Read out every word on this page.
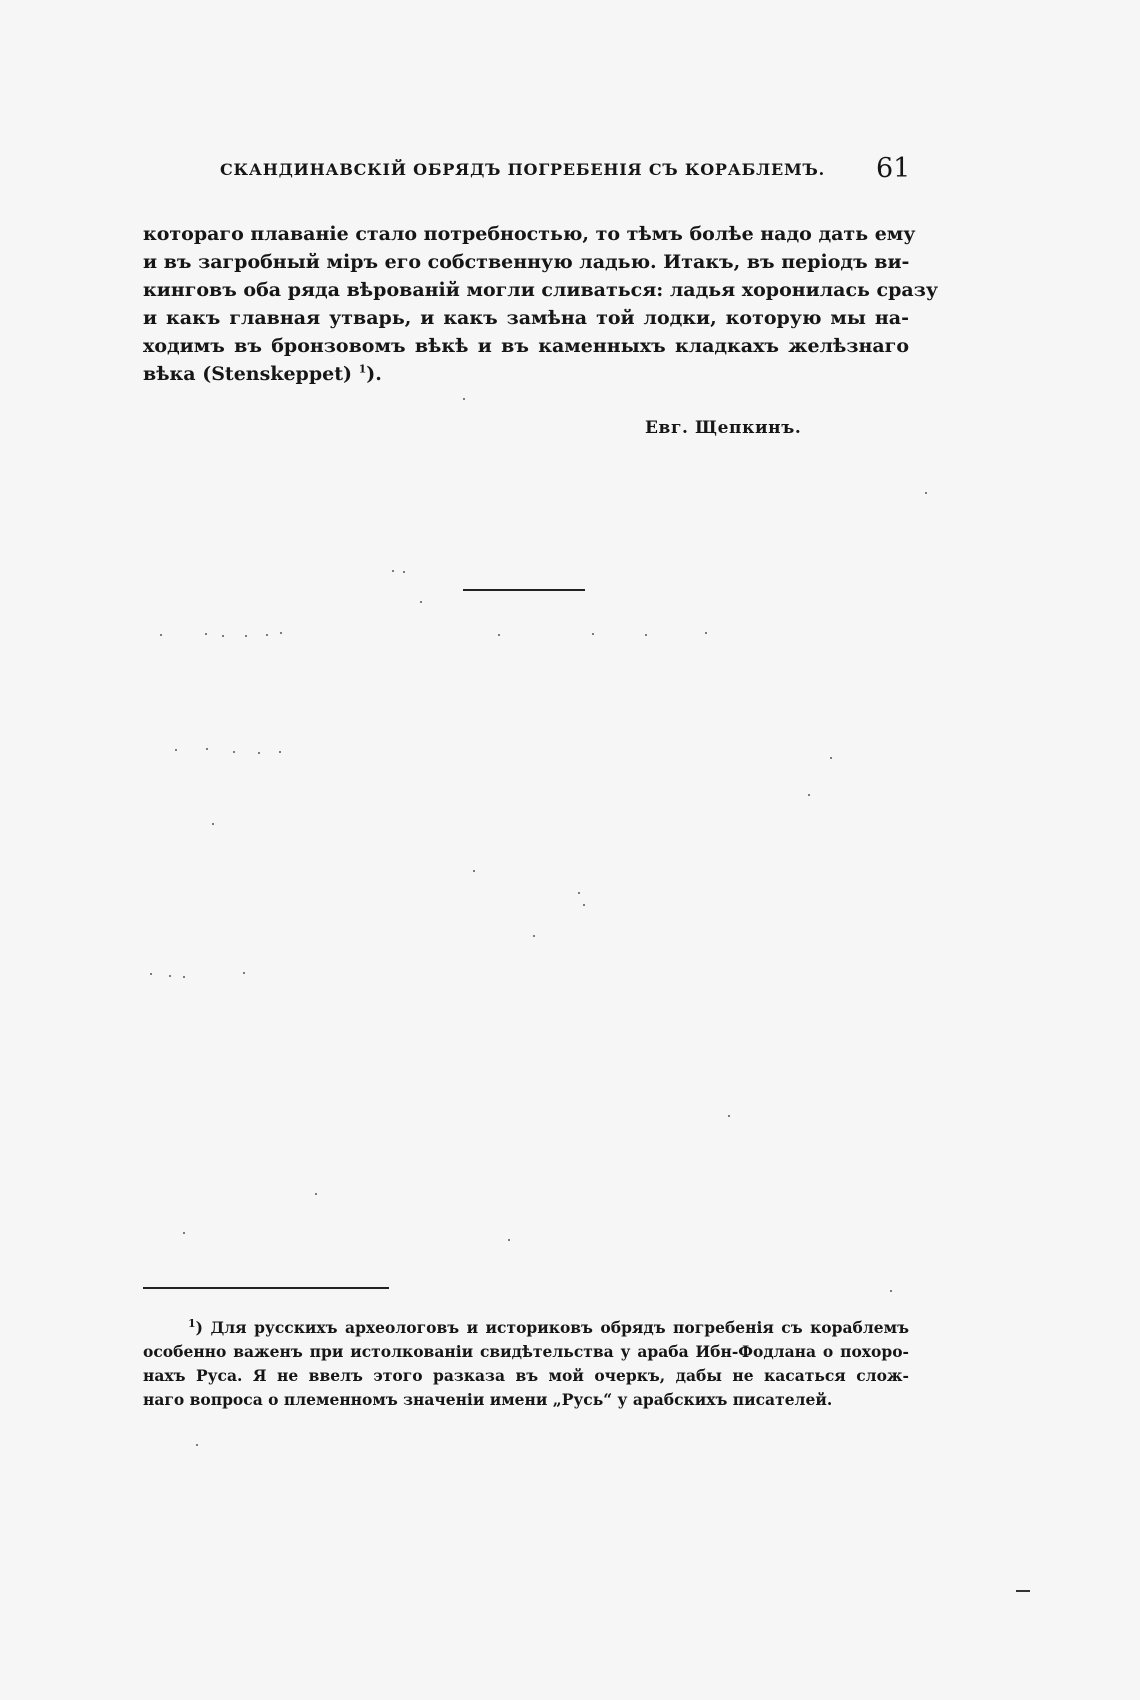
СКАНДИНАВСКІЙ ОБРЯДЪ ПОГРЕБЕНІЯ СЪ КОРАБЛЕМЪ.	61
котораго плаваніе стало потребностью, то тѣмъ болѣе надо дать ему
и въ загробный міръ его собственную ладью. Итакъ, въ періодъ ви-
кинговъ оба ряда вѣрованій могли сливаться: ладья хоронилась сразу
и какъ главная утварь, и какъ замѣна той лодки, которую мы на-
ходимъ въ бронзовомъ вѣкѣ и въ каменныхъ кладкахъ желѣзнаго
вѣка (Stenskeppet) $^1$).
Евг. Щепкинъ.
$^1$) Для русскихъ археологовъ и историковъ обрядъ погребенія съ кораблемъ
особенно важенъ при истолкованіи свидѣтельства у араба Ибн-Фодлана о похоро-
нахъ Руса. Я не ввелъ этого разказа въ мой очеркъ, дабы не касаться слож-
наго вопроса о племенномъ значеніи имени „Русь“ у арабскихъ писателей.
